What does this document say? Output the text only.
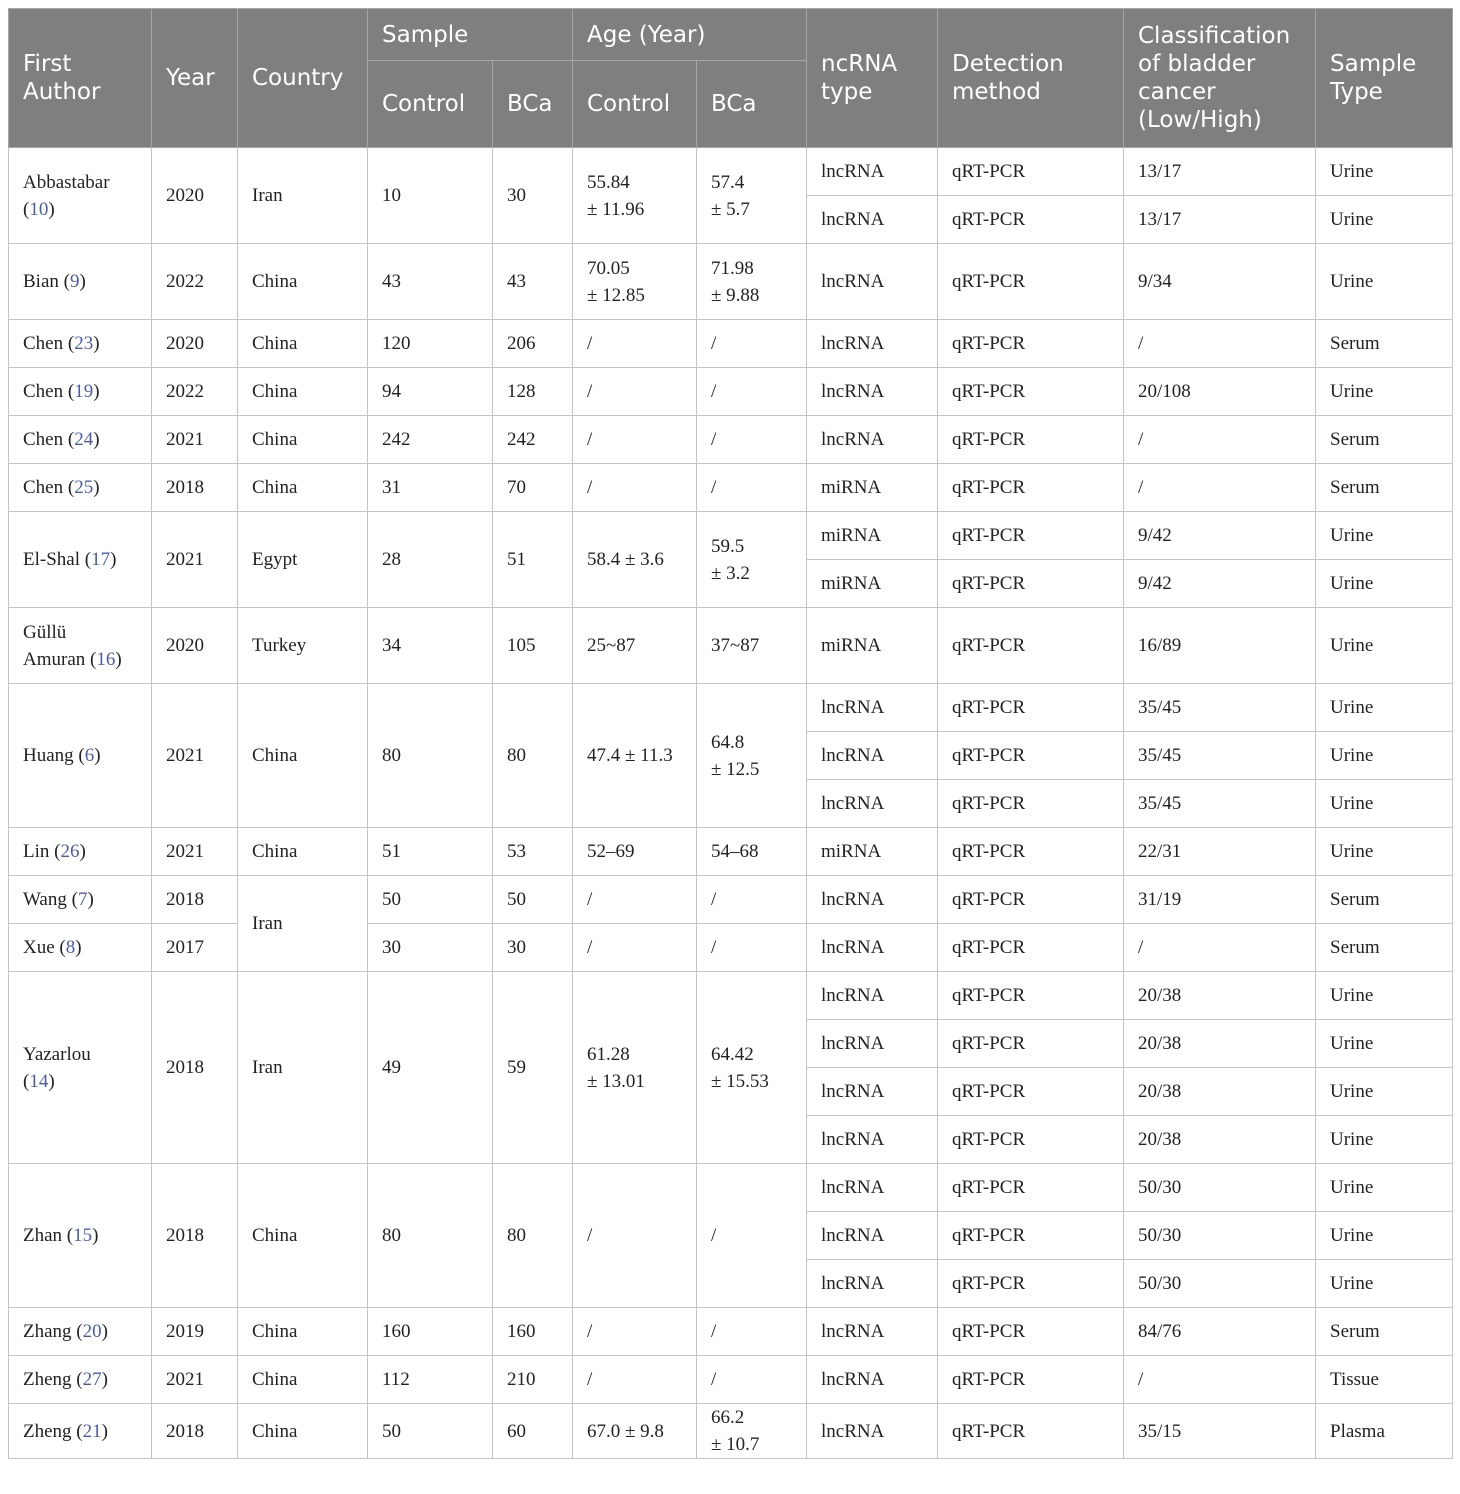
First Author	Year	Country	Sample		Age (Year)		ncRNA type	Detection method	Classification of bladder cancer (Low/High)	Sample Type
			Control	BCa	Control	BCa				
Abbastabar (10)	2020	Iran	10	30	55.84
± 11.96	57.4
± 5.7	lncRNA	qRT-PCR	13/17	Urine
							lncRNA	qRT-PCR	13/17	Urine
Bian (9)	2022	China	43	43	70.05
± 12.85	71.98
± 9.88	lncRNA	qRT-PCR	9/34	Urine
Chen (23)	2020	China	120	206	/	/	lncRNA	qRT-PCR	/	Serum
Chen (19)	2022	China	94	128	/	/	lncRNA	qRT-PCR	20/108	Urine
Chen (24)	2021	China	242	242	/	/	lncRNA	qRT-PCR	/	Serum
Chen (25)	2018	China	31	70	/	/	miRNA	qRT-PCR	/	Serum
El-Shal (17)	2021	Egypt	28	51	58.4 ± 3.6	59.5
± 3.2	miRNA	qRT-PCR	9/42	Urine
							miRNA	qRT-PCR	9/42	Urine
Güllü
Amuran (16)	2020	Turkey	34	105	25~87	37~87	miRNA	qRT-PCR	16/89	Urine
Huang (6)	2021	China	80	80	47.4 ± 11.3	64.8
± 12.5	lncRNA	qRT-PCR	35/45	Urine
							lncRNA	qRT-PCR	35/45	Urine
							lncRNA	qRT-PCR	35/45	Urine
Lin (26)	2021	China	51	53	52–69	54–68	miRNA	qRT-PCR	22/31	Urine
Wang (7)	2018	Iran	50	50	/	/	lncRNA	qRT-PCR	31/19	Serum
Xue (8)	2017		30	30	/	/	lncRNA	qRT-PCR	/	Serum
Yazarlou
(14)	2018	Iran	49	59	61.28
± 13.01	64.42
± 15.53	lncRNA	qRT-PCR	20/38	Urine
							lncRNA	qRT-PCR	20/38	Urine
							lncRNA	qRT-PCR	20/38	Urine
							lncRNA	qRT-PCR	20/38	Urine
Zhan (15)	2018	China	80	80	/	/	lncRNA	qRT-PCR	50/30	Urine
							lncRNA	qRT-PCR	50/30	Urine
							lncRNA	qRT-PCR	50/30	Urine
Zhang (20)	2019	China	160	160	/	/	lncRNA	qRT-PCR	84/76	Serum
Zheng (27)	2021	China	112	210	/	/	lncRNA	qRT-PCR	/	Tissue
Zheng (21)	2018	China	50	60	67.0 ± 9.8	66.2
± 10.7	lncRNA	qRT-PCR	35/15	Plasma
